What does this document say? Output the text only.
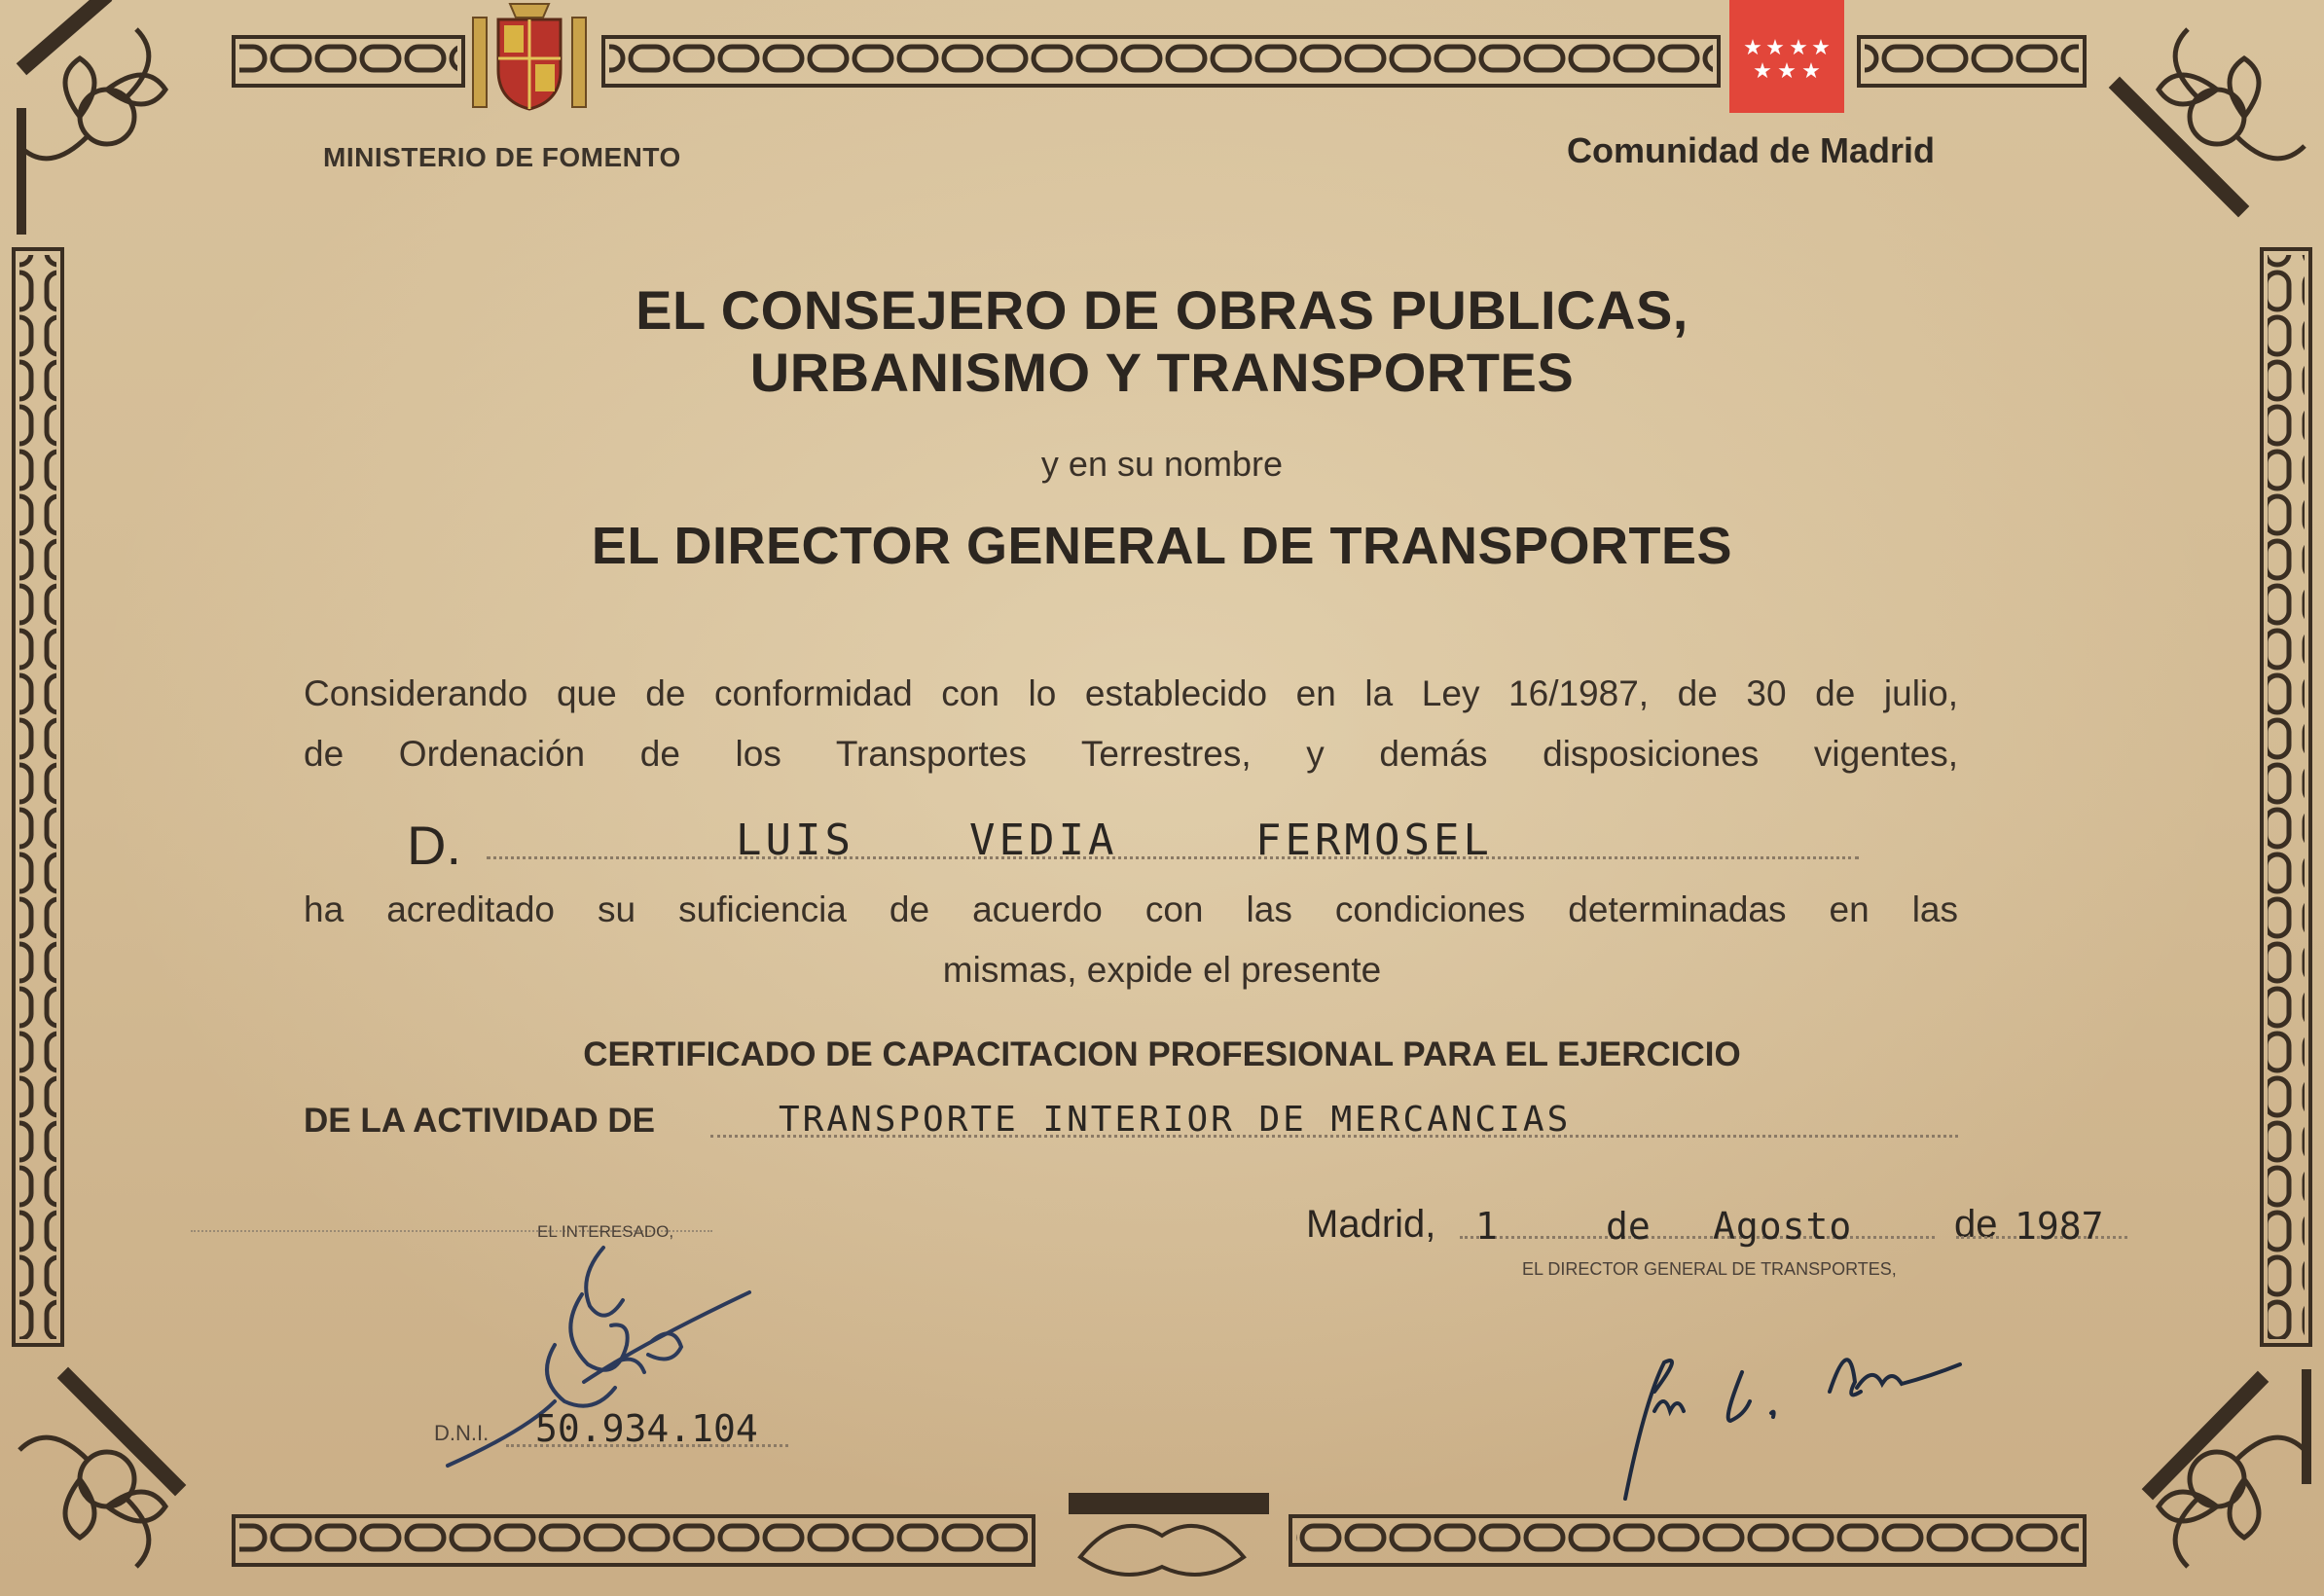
★ ★ ★ ★
★ ★ ★
MINISTERIO DE FOMENTO	Comunidad de Madrid
EL CONSEJERO DE OBRAS PUBLICAS,
URBANISMO Y TRANSPORTES
y en su nombre
EL DIRECTOR GENERAL DE TRANSPORTES
Considerando que de conformidad con lo establecido en la Ley 16/1987, de 30 de julio,
de Ordenación de los Transportes Terrestres, y demás disposiciones vigentes,
D.	LUIS	VEDIA	FERMOSEL
ha acreditado su suficiencia de acuerdo con las condiciones determinadas en las
mismas, expide el presente
CERTIFICADO DE CAPACITACION PROFESIONAL PARA EL EJERCICIO
DE LA ACTIVIDAD DE	TRANSPORTE INTERIOR DE MERCANCIAS
Madrid, 1	de Agosto	de 1987
EL DIRECTOR GENERAL DE TRANSPORTES,
EL INTERESADO,
D.N.I. 50.934.104
